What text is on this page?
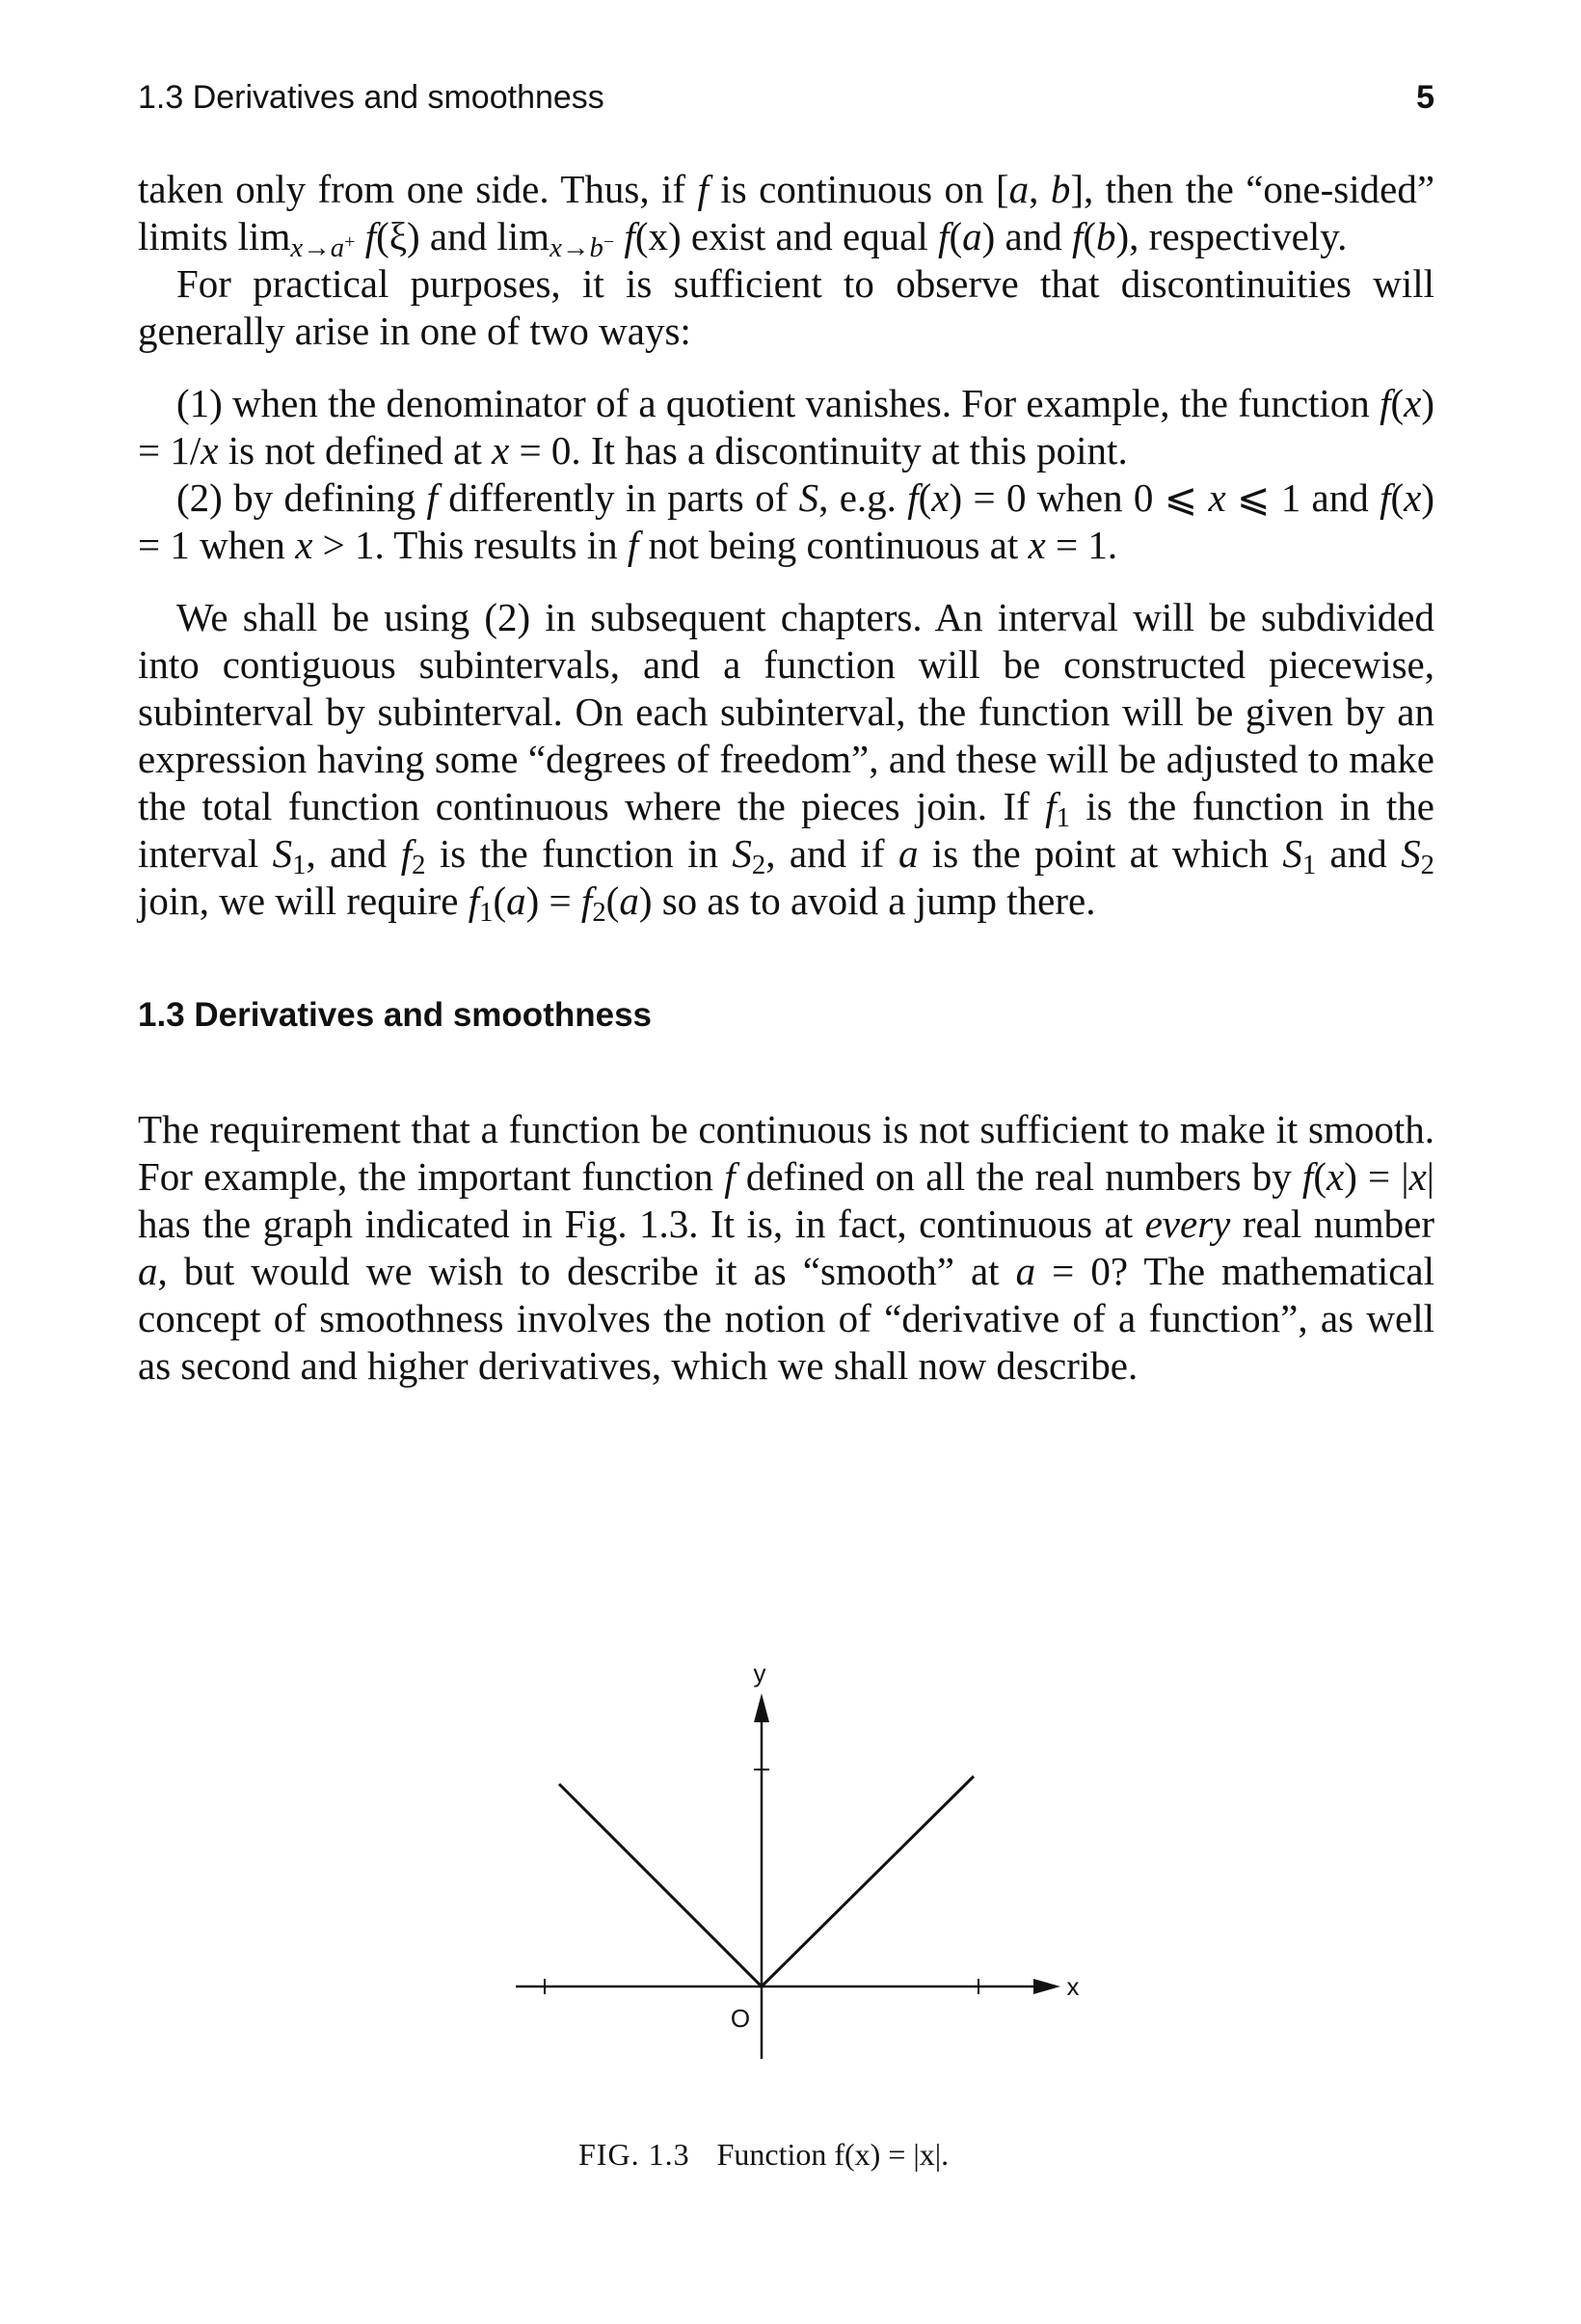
1.3 Derivatives and smoothness	5

taken only from one side. Thus, if f is continuous on [a, b], then the “one-sided” limits $\lim_{x\to a^+} f(\xi)$ and $\lim_{x\to b^-} f(x)$ exist and equal f(a) and f(b), respectively.

For practical purposes, it is sufficient to observe that discontinuities will generally arise in one of two ways:

(1) when the denominator of a quotient vanishes. For example, the function f(x) = 1/x is not defined at x = 0. It has a discontinuity at this point.

(2) by defining f differently in parts of S, e.g. f(x) = 0 when 0 ⩽ x ⩽ 1 and f(x) = 1 when x > 1. This results in f not being continuous at x = 1.

We shall be using (2) in subsequent chapters. An interval will be subdivided into contiguous subintervals, and a function will be constructed piecewise, subinterval by subinterval. On each subinterval, the function will be given by an expression having some “degrees of freedom”, and these will be adjusted to make the total function continuous where the pieces join. If $f_1$ is the function in the interval $S_1$, and $f_2$ is the function in $S_2$, and if a is the point at which $S_1$ and $S_2$ join, we will require $f_1(a) = f_2(a)$ so as to avoid a jump there.

1.3 Derivatives and smoothness

The requirement that a function be continuous is not sufficient to make it smooth. For example, the important function f defined on all the real numbers by f(x) = |x| has the graph indicated in Fig. 1.3. It is, in fact, continuous at every real number a, but would we wish to describe it as “smooth” at a = 0? The mathematical concept of smoothness involves the notion of “derivative of a function”, as well as second and higher derivatives, which we shall now describe.

y
x
O
FIG. 1.3 Function f(x) = |x|.
